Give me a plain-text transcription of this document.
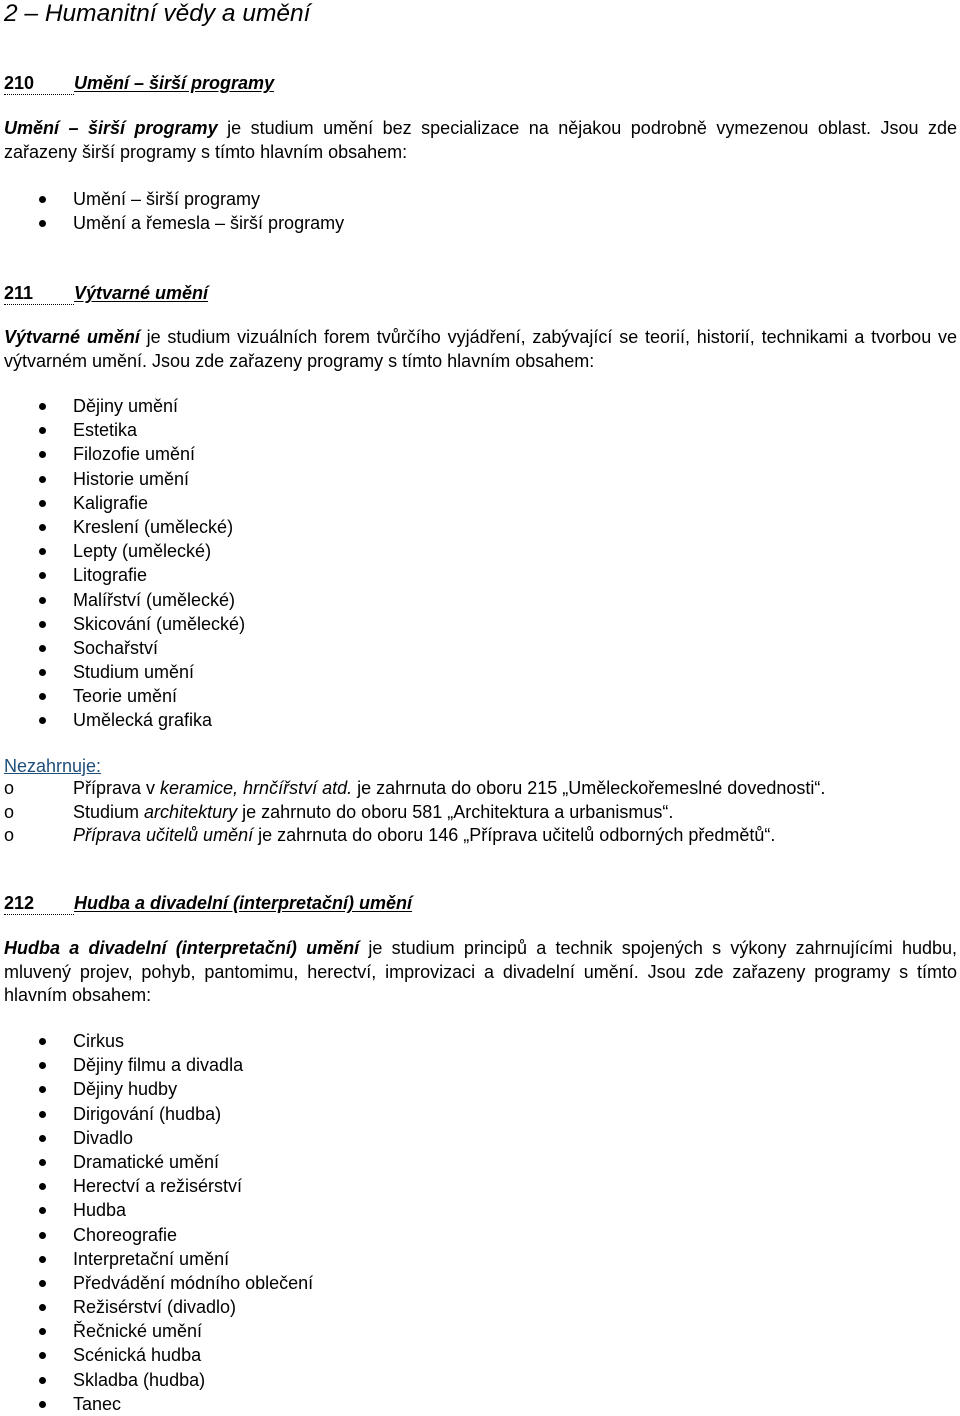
2 – Humanitní vědy a umění
210 Umění – širší programy

Umění – širší programy je studium umění bez specializace na nějakou podrobně vymezenou oblast. Jsou zde zařazeny širší programy s tímto hlavním obsahem:

Umění – širší programy
Umění a řemesla – širší programy
211 Výtvarné umění

Výtvarné umění je studium vizuálních forem tvůrčího vyjádření, zabývající se teorií, historií, technikami a tvorbou ve výtvarném umění. Jsou zde zařazeny programy s tímto hlavním obsahem:

Dějiny umění
Estetika
Filozofie umění
Historie umění
Kaligrafie
Kreslení (umělecké)
Lepty (umělecké)
Litografie
Malířství (umělecké)
Skicování (umělecké)
Sochařství
Studium umění
Teorie umění
Umělecká grafika

Nezahrnuje:

o	Příprava v keramice, hrnčířství atd. je zahrnuta do oboru 215 „Uměleckořemeslné dovednosti“.
o	Studium architektury je zahrnuto do oboru 581 „Architektura a urbanismus“.
o	Příprava učitelů umění je zahrnuta do oboru 146 „Příprava učitelů odborných předmětů“.
212 Hudba a divadelní (interpretační) umění

Hudba a divadelní (interpretační) umění je studium principů a technik spojených s výkony zahrnujícími hudbu, mluvený projev, pohyb, pantomimu, herectví, improvizaci a divadelní umění. Jsou zde zařazeny programy s tímto hlavním obsahem:

Cirkus
Dějiny filmu a divadla
Dějiny hudby
Dirigování (hudba)
Divadlo
Dramatické umění
Herectví a režisérství
Hudba
Choreografie
Interpretační umění
Předvádění módního oblečení
Režisérství (divadlo)
Řečnické umění
Scénická hudba
Skladba (hudba)
Tanec
